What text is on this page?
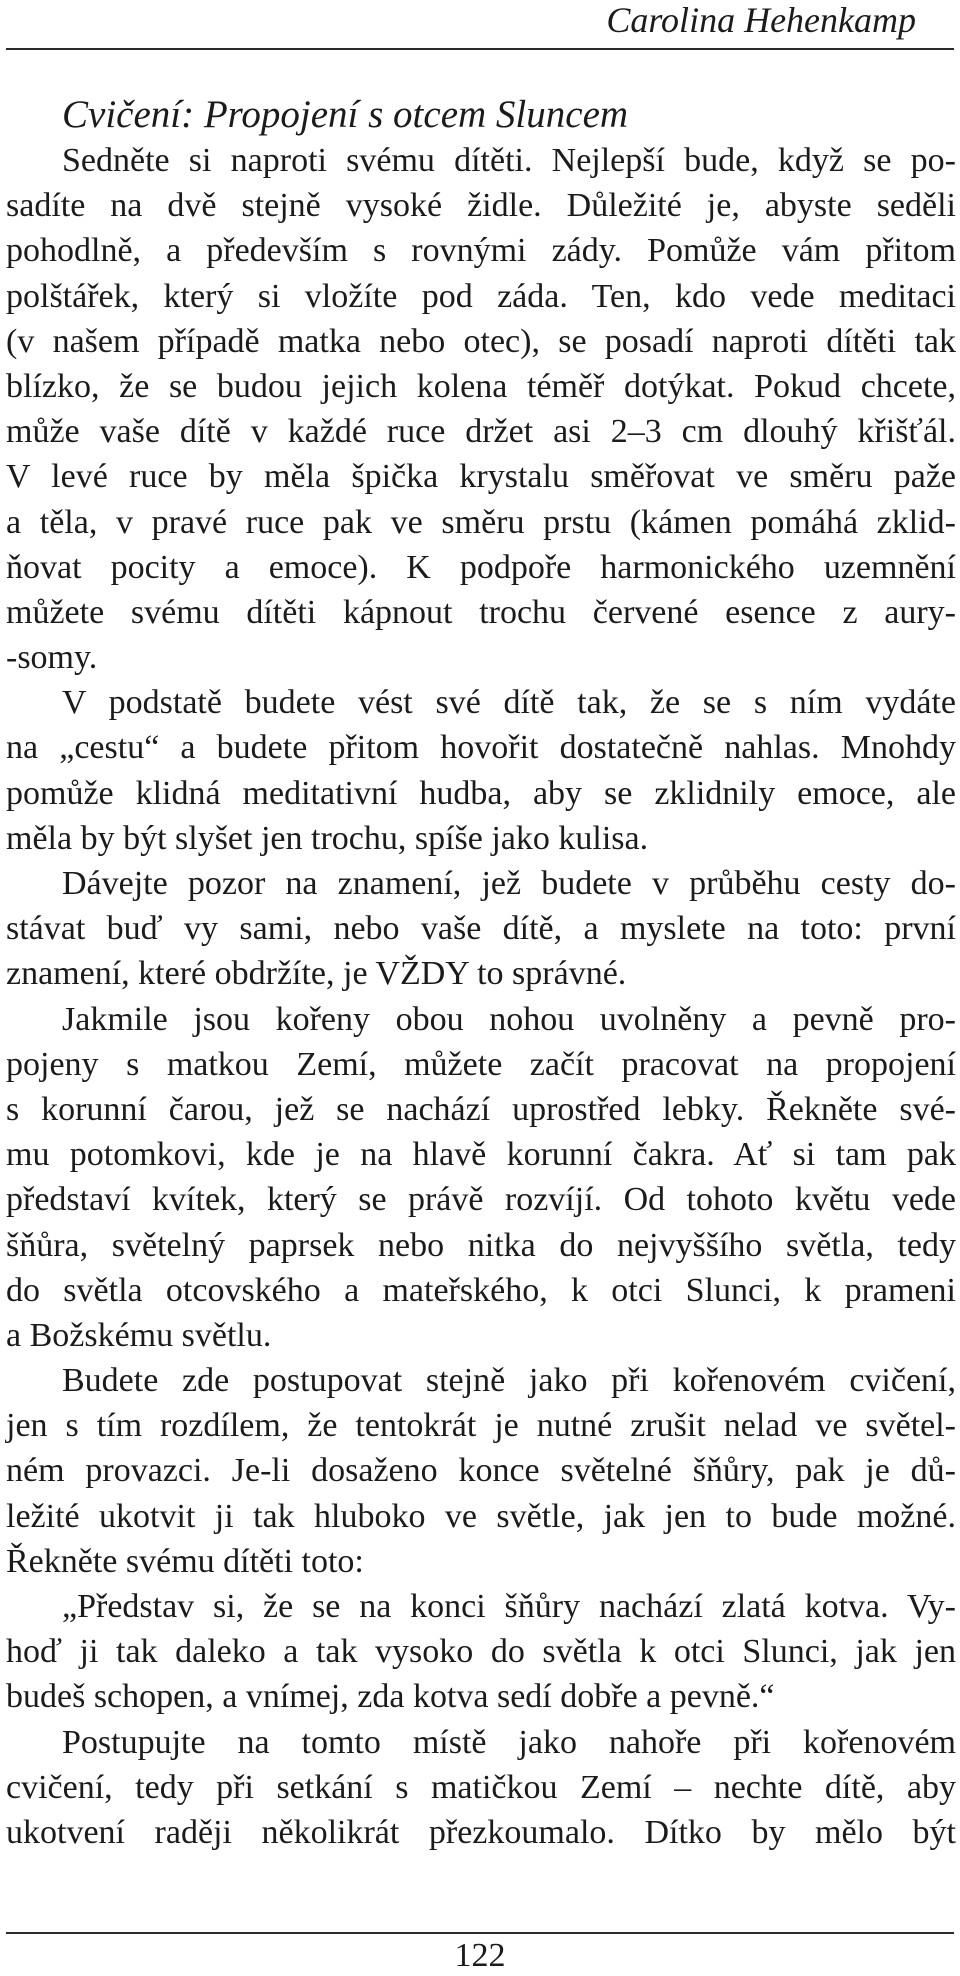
Carolina Hehenkamp
Cvičení: Propojení s otcem Sluncem
Sedněte si naproti svému dítěti. Nejlepší bude, když se po-
sadíte na dvě stejně vysoké židle. Důležité je, abyste seděli
pohodlně, a především s rovnými zády. Pomůže vám přitom
polštářek, který si vložíte pod záda. Ten, kdo vede meditaci
(v našem případě matka nebo otec), se posadí naproti dítěti tak
blízko, že se budou jejich kolena téměř dotýkat. Pokud chcete,
může vaše dítě v každé ruce držet asi 2–3 cm dlouhý křišťál.
V levé ruce by měla špička krystalu směřovat ve směru paže
a těla, v pravé ruce pak ve směru prstu (kámen pomáhá zklid-
ňovat pocity a emoce). K podpoře harmonického uzemnění
můžete svému dítěti kápnout trochu červené esence z aury-
-somy.
V podstatě budete vést své dítě tak, že se s ním vydáte
na „cestu“ a budete přitom hovořit dostatečně nahlas. Mnohdy
pomůže klidná meditativní hudba, aby se zklidnily emoce, ale
měla by být slyšet jen trochu, spíše jako kulisa.
Dávejte pozor na znamení, jež budete v průběhu cesty do-
stávat buď vy sami, nebo vaše dítě, a myslete na toto: první
znamení, které obdržíte, je VŽDY to správné.
Jakmile jsou kořeny obou nohou uvolněny a pevně pro-
pojeny s matkou Zemí, můžete začít pracovat na propojení
s korunní čarou, jež se nachází uprostřed lebky. Řekněte své-
mu potomkovi, kde je na hlavě korunní čakra. Ať si tam pak
představí kvítek, který se právě rozvíjí. Od tohoto květu vede
šňůra, světelný paprsek nebo nitka do nejvyššího světla, tedy
do světla otcovského a mateřského, k otci Slunci, k prameni
a Božskému světlu.
Budete zde postupovat stejně jako při kořenovém cvičení,
jen s tím rozdílem, že tentokrát je nutné zrušit nelad ve světel-
ném provazci. Je-li dosaženo konce světelné šňůry, pak je dů-
ležité ukotvit ji tak hluboko ve světle, jak jen to bude možné.
Řekněte svému dítěti toto:
„Představ si, že se na konci šňůry nachází zlatá kotva. Vy-
hoď ji tak daleko a tak vysoko do světla k otci Slunci, jak jen
budeš schopen, a vnímej, zda kotva sedí dobře a pevně.“
Postupujte na tomto místě jako nahoře při kořenovém
cvičení, tedy při setkání s matičkou Zemí – nechte dítě, aby
ukotvení raději několikrát přezkoumalo. Dítko by mělo být
122
